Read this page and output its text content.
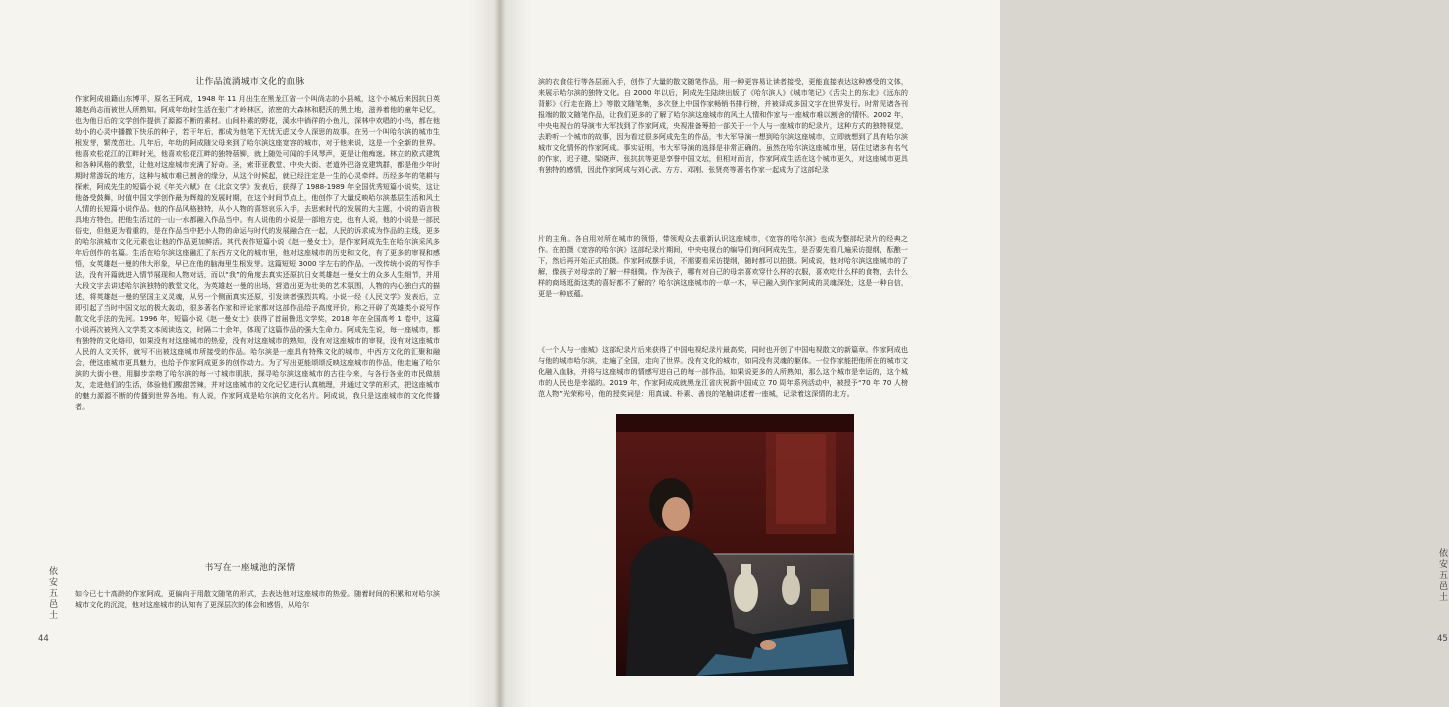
让作品流淌城市文化的血脉

作家阿成祖籍山东博平，原名王阿成，1948 年 11 月出生在黑龙江省一个叫尚志的小县城，这个小城后来因抗日英雄赵尚志而被世人所熟知。阿成年幼时生活在张广才岭林区，浓密的大森林和肥沃的黑土地，滋养着他的童年记忆，也为他日后的文学创作提供了源源不断的素材。山间朴素的野花，溪水中徜徉的小鱼儿，深林中欢唱的小鸟，都在他幼小的心灵中播撒下快乐的种子，若干年后，都成为他笔下无忧无虑又令人深思的故事。在另一个叫哈尔滨的城市生根发芽，繁茂茁壮。几年后，年幼的阿成随父母来到了哈尔滨这座宽容的城市，对于他来说，这是一个全新的世界。他喜欢松花江的江畔时光，他喜欢松花江畔的独特蓓铆，就上随处可闻的手风琴声，更是让他痴迷。林立的欧式建筑和各种风格的教堂，让他对这座城市充满了好奇。圣，索菲亚教堂、中央大街、老道外巴洛克建筑群，都是他少年时期时常游玩的地方，这种与城市难已割舍的缘分，从这个时候起，就已经注定是一生的心灵牵绊。历经多年的笔耕与探索，阿成先生的短篇小说《年关六赋》在《北京文学》发表后，获得了 1988-1989 年全国优秀短篇小说奖，这让他备受鼓舞，时值中国文学创作最为辉煌的发展时期，在这个时间节点上，他创作了大量反映哈尔滨基层生活和风土人情的长短篇小说作品。他的作品风格独特，从小人物的喜怒哀乐入手，去思索时代的发展的大主题，小说的语言极具地方特色，把他生活过的一山一水都融入作品当中。有人说他的小说是一部地方史，也有人说，他的小说是一部民俗史，但他更为看重的，是在作品当中把小人物的命运与时代的发展融合在一起，人民的诉求成为作品的主线，更多的哈尔滨城市文化元素也让他的作品更加鲜活。其代表作短篇小说《赵一曼女士》，是作家阿成先生在哈尔滨采风多年后创作的名篇。生活在哈尔滨这座融汇了东西方文化的城市里，他对这座城市的历史和文化，有了更多的审视和感悟，女英雄赵一曼的伟大形象，早已在他的脑海里生根发芽。这篇短短 3000 字左右的作品，一改传统小说的写作手法，没有开篇就进入情节展现和人物对话，而以“我”的角度去真实还原抗日女英雄赵一曼女士的众多人生细节，并用大段文字去讲述哈尔滨独特的教堂文化，为英雄赵一曼的出场，营造出更为壮美的艺术氛围，人物的内心独白式的描述，将英雄赵一曼的坚国主义灵魂，从另一个侧面真实还原，引发读者强烈共鸣。小说一经《人民文学》发表后，立即引起了当时中国文坛的极大轰动，很多著名作家和评论家都对这部作品给予高度评价，称之开辟了英雄类小说写作散文化手法的先河。1996 年，短篇小说《赵一曼女士》获得了首届鲁迅文学奖，2018 年在全国高考 1 卷中，这篇小说再次被列入文学类文本阅读选文，时隔二十余年，体现了这篇作品的强大生命力。阿成先生说，每一座城市，都有独特的文化烙印，如果没有对这座城市的热爱，没有对这座城市的熟知，没有对这座城市的审视，没有对这座城市人民的人文关怀，就写不出被这座城市所接受的作品。哈尔滨是一座具有特殊文化的城市，中西方文化的汇聚和融会，使这座城市更具魅力，也给予作家阿成更多的创作动力。为了写出更能颂颂反映这座城市的作品，他走遍了哈尔滨的大街小巷，用脚步亲吻了哈尔滨的每一寸城市肌肤，探寻哈尔滨这座城市的古往今来，与各行各业的市民做朋友，走进他们的生活，体验他们酸甜苦辣，并对这座城市的文化记忆进行认真梳理，并通过文学的形式，把这座城市的魅力源源不断的传播到世界各地。有人说，作家阿成是哈尔滨的文化名片。阿成说，我只是这座城市的文化传播者。

书写在一座城池的深情

如今已七十高龄的作家阿成，更偏向于用散文随笔的形式，去表达他对这座城市的热爱。随着时间的积累和对哈尔滨城市文化的沉淀，他对这座城市的认知有了更深层次的体会和感悟，从哈尔

依安五邑土
44
依安五邑土
45

滨的衣食住行等各层面入手，创作了大量的散文随笔作品，用一种更容易让读者接受，更能直接表达这种感受的文体，来展示哈尔滨的独特文化。自 2000 年以后，阿成先生陆续出版了《哈尔滨人》《城市笔记》《舌尖上的东北》《远东的背影》《行走在路上》等散文随笔集，多次登上中国作家畅销书排行榜，并被译成多国文字在世界发行。时常见诸各刊报端的散文随笔作品，让我们更多的了解了哈尔滨这座城市的风土人情和作家与一座城市难以割舍的情怀。2002 年，中央电视台的导演韦大军找到了作家阿成，央视准备筹拍一部关于一个人与一座城市的纪录片，这种方式的独特视觉，去聆听一个城市的故事，因为看过很多阿成先生的作品，韦大军导演一想到哈尔滨这座城市，立即就想到了具有哈尔滨城市文化情怀的作家阿成。事实证明，韦大军导演的选择是非常正确的。虽然在哈尔滨这座城市里，居住过诸多有名气的作家，迟子建、梁晓声、张抗抗等更是享誉中国文坛，但相对而言，作家阿成生活在这个城市更久，对这座城市更具有独特的感情，因此作家阿成与刘心武、方方、邓刚、张贤亮等著名作家一起成为了这部纪录

片的主角。各自用对所在城市的领悟，带领观众去重新认识这座城市，《宽容的哈尔滨》也成为整部纪录片的经典之作。在拍摄《宽容的哈尔滨》这部纪录片期间，中央电视台的编导们询问阿成先生，是否要先看几遍采访提纲，酝酿一下，然后再开始正式拍摄。作家阿成摆手说，不需要看采访提纲，随时都可以拍摄。阿成说，他对哈尔滨这座城市的了解，像孩子对母亲的了解一样细微。作为孩子，哪有对自己的母亲喜欢穿什么样的衣服，喜欢吃什么样的食物，去什么样的商场逛街这类的喜好都不了解的？哈尔滨这座城市的一草一木，早已融入到作家阿成的灵魂深处，这是一种自信，更是一种底蕴。

《一个人与一座城》这部纪录片后来获得了中国电视纪录片最高奖，同时也开创了中国电视散文的新篇章。作家阿成也与他的城市哈尔滨，走遍了全国，走向了世界。没有文化的城市，如同没有灵魂的躯体。一位作家能把他所在的城市文化融入血脉，并将与这座城市的情感写进自己的每一部作品，如果说更多的人所熟知，那么这个城市是幸运的，这个城市的人民也是幸福的。2019 年，作家阿成成就黑龙江省庆祝新中国成立 70 周年系列活动中，被授予“70 年 70 人榜范人物”光荣称号，他的授奖词是：用真诚、朴素、善良的笔触讲述着一座城，记录着这深情的北方。
